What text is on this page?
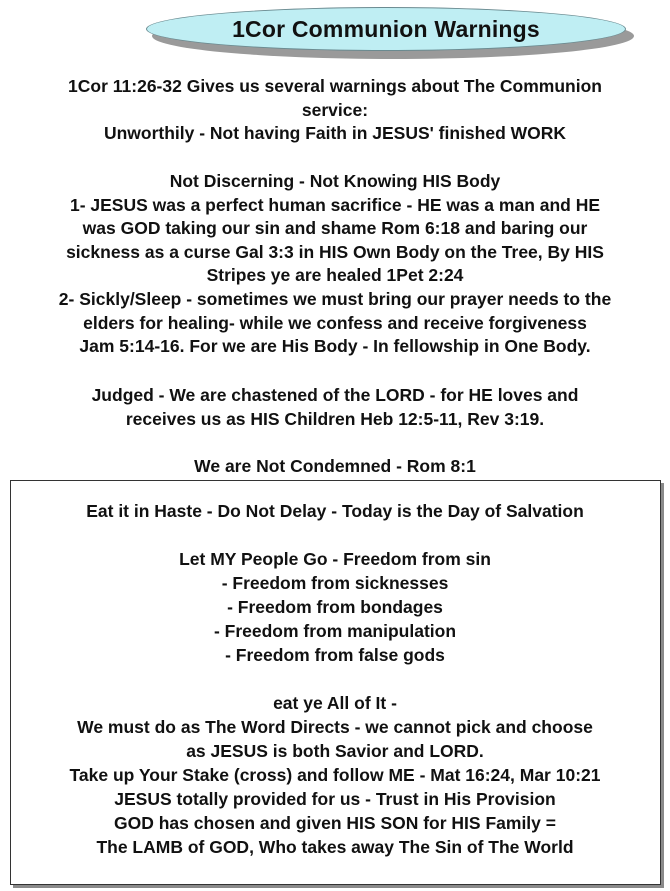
1Cor Communion Warnings
1Cor 11:26-32 Gives us several warnings about The Communion
service:
Unworthily - Not having Faith in JESUS' finished WORK
Not Discerning - Not Knowing HIS Body
1- JESUS was a perfect human sacrifice - HE was a man and HE
was GOD taking our sin and shame Rom 6:18 and baring our
sickness as a curse Gal 3:3 in HIS Own Body on the Tree, By HIS
Stripes ye are healed 1Pet 2:24
2- Sickly/Sleep - sometimes we must bring our prayer needs to the
elders for healing- while we confess and receive forgiveness
Jam 5:14-16. For we are His Body - In fellowship in One Body.
Judged - We are chastened of the LORD - for HE loves and
receives us as HIS Children Heb 12:5-11, Rev 3:19.
We are Not Condemned - Rom 8:1
Eat it in Haste - Do Not Delay - Today is the Day of Salvation
Let MY People Go - Freedom from sin
- Freedom from sicknesses
- Freedom from bondages
- Freedom from manipulation
- Freedom from false gods
eat ye All of It -
We must do as The Word Directs - we cannot pick and choose
as JESUS is both Savior and LORD.
Take up Your Stake (cross) and follow ME - Mat 16:24, Mar 10:21
JESUS totally provided for us - Trust in His Provision
GOD has chosen and given HIS SON for HIS Family =
The LAMB of GOD, Who takes away The Sin of The World
